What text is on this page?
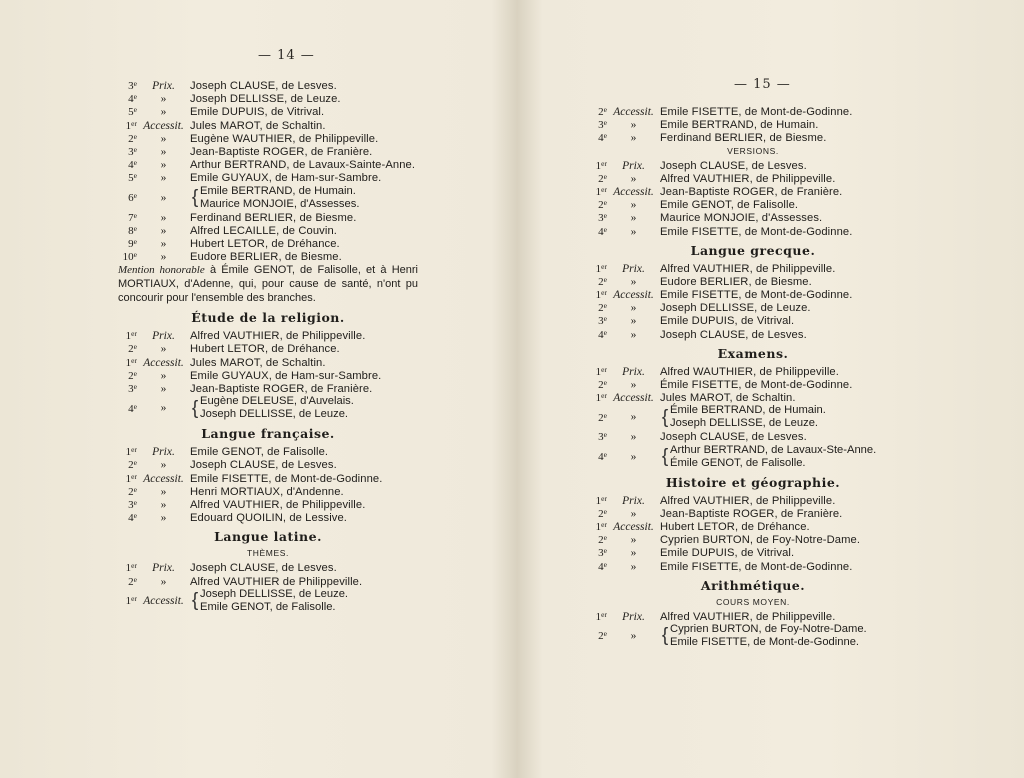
— 14 —
3e	Prix.	Joseph CLAUSE, de Lesves.
4e	»	Joseph DELLISSE, de Leuze.
5e	»	Emile DUPUIS, de Vitrival.
1er Accessit. Jules MAROT, de Schaltin.
2e	»	Eugène WAUTHIER, de Philippeville.
3e	»	Jean-Baptiste ROGER, de Franière.
4e	»	Arthur BERTRAND, de Lavaux-Sainte-Anne.
5e	»	Emile GUYAUX, de Ham-sur-Sambre.
6e	»	{ Emile BERTRAND, de Humain.
Maurice MONJOIE, d'Assesses.
7e	»	Ferdinand BERLIER, de Biesme.
8e	»	Alfred LECAILLE, de Couvin.
9e	»	Hubert LETOR, de Dréhance.
10e	»	Eudore BERLIER, de Biesme.
Mention honorable à Émile GENOT, de Falisolle, et à Henri MORTIAUX, d'Adenne, qui, pour cause de santé, n'ont pu concourir pour l'ensemble des branches.
Étude de la religion.
1er	Prix.	Alfred VAUTHIER, de Philippeville.
2e	»	Hubert LETOR, de Dréhance.
1er Accessit. Jules MAROT, de Schaltin.
2e	»	Emile GUYAUX, de Ham-sur-Sambre.
3e	»	Jean-Baptiste ROGER, de Franière.
4e	»	{ Eugène DELEUSE, d'Auvelais.
Joseph DELLISSE, de Leuze.
Langue française.
1er	Prix.	Emile GENOT, de Falisolle.
2e	»	Joseph CLAUSE, de Lesves.
1er Accessit. Emile FISETTE, de Mont-de-Godinne.
2e	»	Henri MORTIAUX, d'Andenne.
3e	»	Alfred VAUTHIER, de Philippeville.
4e	»	Edouard QUOILIN, de Lessive.
Langue latine.
THÈMES.
1er	Prix.	Joseph CLAUSE, de Lesves.
2e	»	Alfred VAUTHIER de Philippeville.
1er Accessit. { Joseph DELLISSE, de Leuze.
Emile GENOT, de Falisolle.
— 15 —
2e Accessit. Emile FISETTE, de Mont-de-Godinne.
3e	»	Emile BERTRAND, de Humain.
4e	»	Ferdinand BERLIER, de Biesme.
VERSIONS.
1er	Prix.	Joseph CLAUSE, de Lesves.
2e	»	Alfred VAUTHIER, de Philippeville.
1er Accessit. Jean-Baptiste ROGER, de Franière.
2e	»	Emile GENOT, de Falisolle.
3e	»	Maurice MONJOIE, d'Assesses.
4e	»	Emile FISETTE, de Mont-de-Godinne.
Langue grecque.
1er	Prix.	Alfred VAUTHIER, de Philippeville.
2e	»	Eudore BERLIER, de Biesme.
1er Accessit. Emile FISETTE, de Mont-de-Godinne.
2e	»	Joseph DELLISSE, de Leuze.
3e	»	Emile DUPUIS, de Vitrival.
4e	»	Joseph CLAUSE, de Lesves.
Examens.
1er	Prix.	Alfred WAUTHIER, de Philippeville.
2e	»	Émile FISETTE, de Mont-de-Godinne.
1er Accessit. Jules MAROT, de Schaltin.
2e	»	{ Émile BERTRAND, de Humain.
Joseph DELLISSE, de Leuze.
3e	»	Joseph CLAUSE, de Lesves.
4e	»	{ Arthur BERTRAND, de Lavaux-Ste-Anne.
Émile GENOT, de Falisolle.
Histoire et géographie.
1er	Prix.	Alfred VAUTHIER, de Philippeville.
2e	»	Jean-Baptiste ROGER, de Franière.
1er Accessit. Hubert LETOR, de Dréhance.
2e	»	Cyprien BURTON, de Foy-Notre-Dame.
3e	»	Emile DUPUIS, de Vitrival.
4e	»	Emile FISETTE, de Mont-de-Godinne.
Arithmétique.
COURS MOYEN.
1er	Prix.	Alfred VAUTHIER, de Philippeville.
2e	»	{ Cyprien BURTON, de Foy-Notre-Dame.
Emile FISETTE, de Mont-de-Godinne.
